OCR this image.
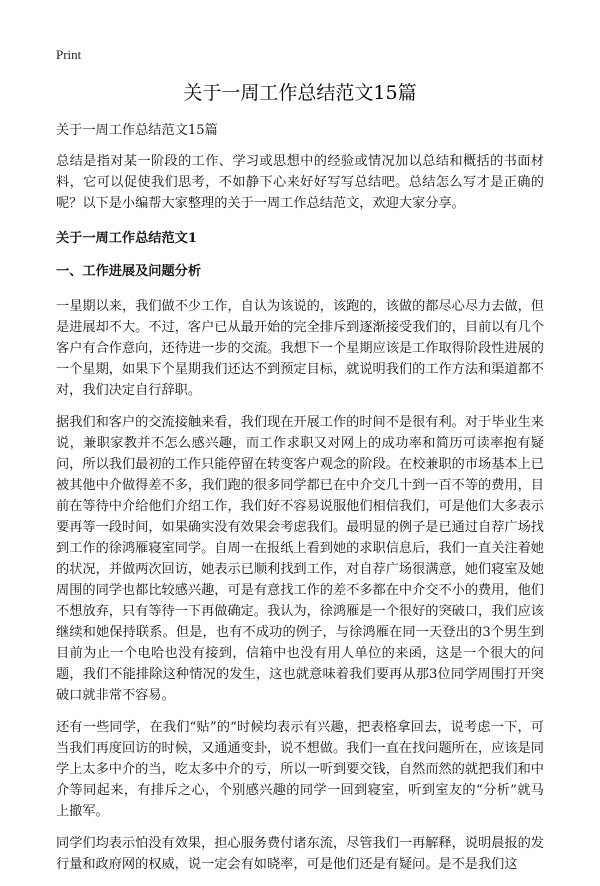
Print
关于一周工作总结范文15篇

关于一周工作总结范文15篇

总结是指对某一阶段的工作、学习或思想中的经验或情况加以总结和概括的书面材料，它可以促使我们思考，不如静下心来好好写写总结吧。总结怎么写才是正确的呢？以下是小编帮大家整理的关于一周工作总结范文，欢迎大家分享。

关于一周工作总结范文1

一、工作进展及问题分析

一星期以来，我们做不少工作，自认为该说的，该跑的，该做的都尽心尽力去做，但是进展却不大。不过，客户已从最开始的完全排斥到逐渐接受我们的，目前以有几个客户有合作意向，还待进一步的交流。我想下一个星期应该是工作取得阶段性进展的一个星期，如果下个星期我们还达不到预定目标，就说明我们的工作方法和渠道都不对，我们决定自行辞职。

据我们和客户的交流接触来看，我们现在开展工作的时间不是很有利。对于毕业生来说，兼职家教并不怎么感兴趣，而工作求职又对网上的成功率和简历可读率抱有疑问，所以我们最初的工作只能停留在转变客户观念的阶段。在校兼职的市场基本上已被其他中介做得差不多，我们跑的很多同学都已在中介交几十到一百不等的费用，目前在等待中介给他们介绍工作，我们好不容易说服他们相信我们，可是他们大多表示要再等一段时间，如果确实没有效果会考虑我们。最明显的例子是已通过自荐广场找到工作的徐鸿雁寝室同学。自周一在报纸上看到她的求职信息后，我们一直关注着她的状况，并做两次回访，她表示已顺利找到工作，对自荐广场很满意，她们寝室及她周围的同学也都比较感兴趣，可是有意找工作的差不多都在中介交不小的费用，他们不想放弃，只有等待一下再做确定。我认为，徐鸿雁是一个很好的突破口，我们应该继续和她保持联系。但是，也有不成功的例子，与徐鸿雁在同一天登出的3个男生到目前为止一个电哈也没有接到，信箱中也没有用人单位的来函，这是一个很大的问题，我们不能排除这种情况的发生，这也就意味着我们要再从那3位同学周围打开突破口就非常不容易。

还有一些同学，在我们“贴”的“时候均表示有兴趣，把表格拿回去，说考虑一下，可当我们再度回访的时候，又通通变卦，说不想做。我们一直在找问题所在，应该是同学上太多中介的当，吃太多中介的亏，所以一听到要交钱，自然而然的就把我们和中介等同起来，有排斥之心，个别感兴趣的同学一回到寝室，听到室友的“分析”就马上撤军。

同学们均表示怕没有效果，担心服务费付诸东流，尽管我们一再解释，说明晨报的发行量和政府网的权威，说一定会有如晓率，可是他们还是有疑问。是不是我们这
